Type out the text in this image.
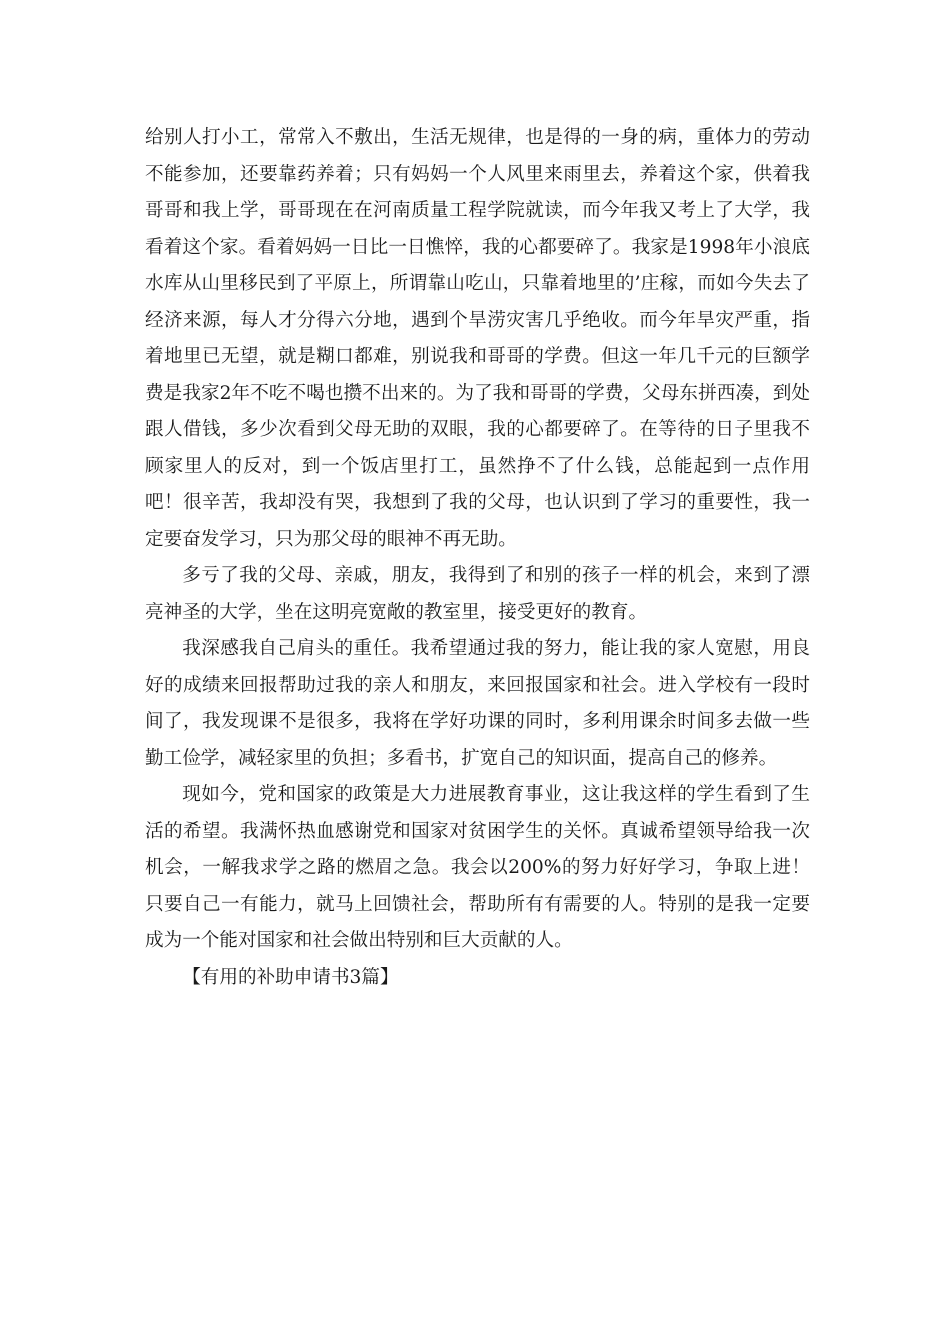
给别人打小工，常常入不敷出，生活无规律，也是得的一身的病，重体力的劳动不能参加，还要靠药养着；只有妈妈一个人风里来雨里去，养着这个家，供着我哥哥和我上学，哥哥现在在河南质量工程学院就读，而今年我又考上了大学，我看着这个家。看着妈妈一日比一日憔悴，我的心都要碎了。我家是1998年小浪底水库从山里移民到了平原上，所谓靠山吃山，只靠着地里的’庄稼，而如今失去了经济来源，每人才分得六分地，遇到个旱涝灾害几乎绝收。而今年旱灾严重，指着地里已无望，就是糊口都难，别说我和哥哥的学费。但这一年几千元的巨额学费是我家2年不吃不喝也攒不出来的。为了我和哥哥的学费，父母东拼西凑，到处跟人借钱，多少次看到父母无助的双眼，我的心都要碎了。在等待的日子里我不顾家里人的反对，到一个饭店里打工，虽然挣不了什么钱，总能起到一点作用吧！很辛苦，我却没有哭，我想到了我的父母，也认识到了学习的重要性，我一定要奋发学习，只为那父母的眼神不再无助。

多亏了我的父母、亲戚，朋友，我得到了和别的孩子一样的机会，来到了漂亮神圣的大学，坐在这明亮宽敞的教室里，接受更好的教育。

我深感我自己肩头的重任。我希望通过我的努力，能让我的家人宽慰，用良好的成绩来回报帮助过我的亲人和朋友，来回报国家和社会。进入学校有一段时间了，我发现课不是很多，我将在学好功课的同时，多利用课余时间多去做一些勤工俭学，减轻家里的负担；多看书，扩宽自己的知识面，提高自己的修养。

现如今，党和国家的政策是大力进展教育事业，这让我这样的学生看到了生活的希望。我满怀热血感谢党和国家对贫困学生的关怀。真诚希望领导给我一次机会，一解我求学之路的燃眉之急。我会以200%的努力好好学习，争取上进！只要自己一有能力，就马上回馈社会，帮助所有有需要的人。特别的是我一定要成为一个能对国家和社会做出特别和巨大贡献的人。

【有用的补助申请书3篇】
